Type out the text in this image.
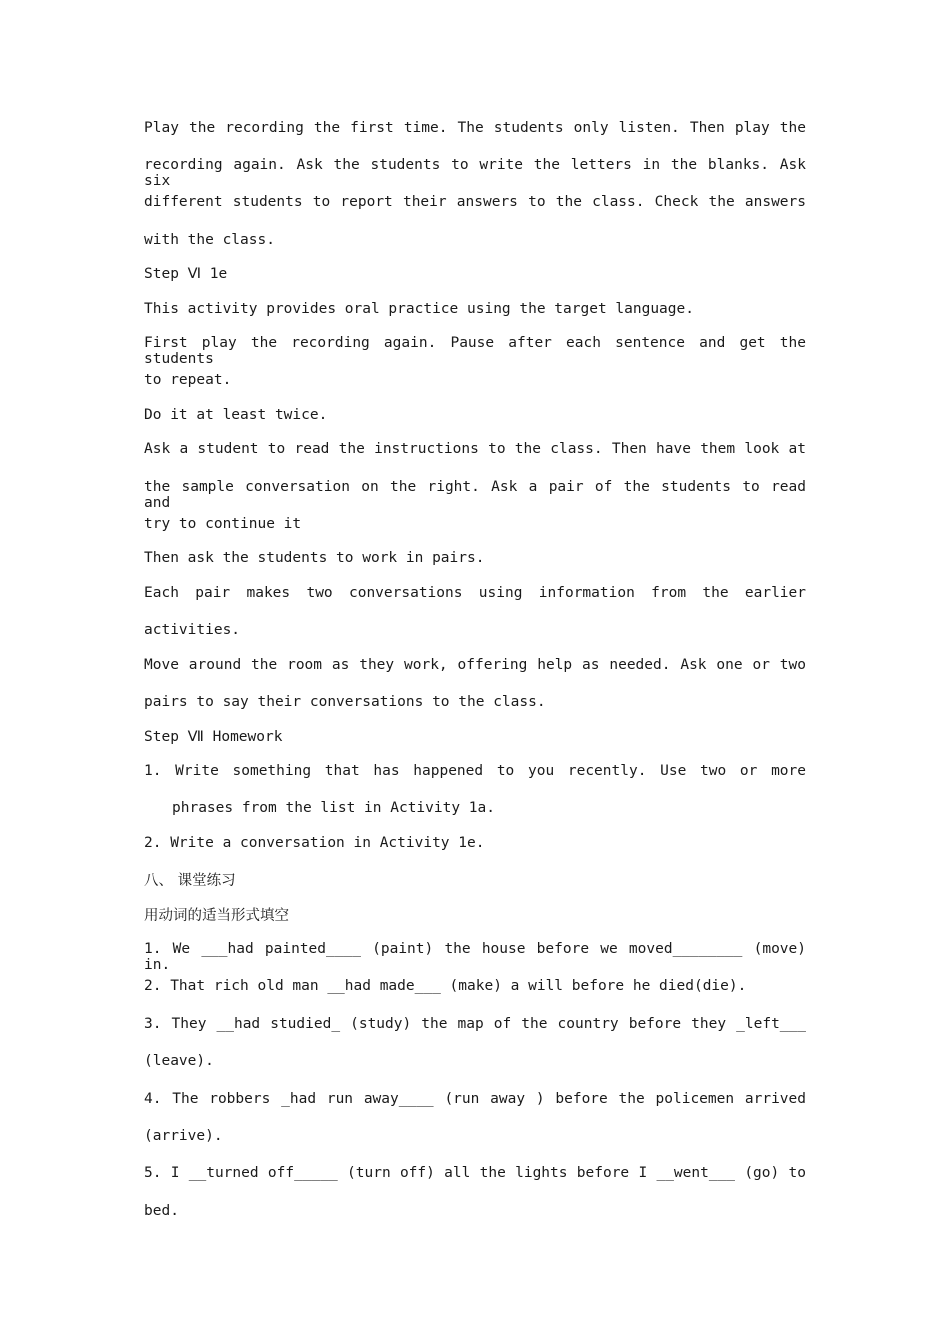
Play the recording the first time. The students only listen. Then play the
recording again. Ask the students to write the letters in the blanks. Ask six
different students to report their answers to the class. Check the answers
with the class.
Step Ⅵ 1e
This activity provides oral practice using the target language.
First play the recording again. Pause after each sentence and get the students
to repeat.
Do it at least twice.
Ask a student to read the instructions to the class. Then have them look at
the sample conversation on the right. Ask a pair of the students to read and
try to continue it
Then ask the students to work in pairs.
Each pair makes two conversations using information from the earlier
activities.
Move around the room as they work, offering help as needed. Ask one or two
pairs to say their conversations to the class.
Step Ⅶ Homework
1. Write something that has happened to you recently. Use two or more
phrases from the list in Activity 1a.
2. Write a conversation in Activity 1e.
八、 课堂练习
用动词的适当形式填空
1. We ___had painted____ (paint) the house before we moved________ (move) in.
2. That rich old man __had made___ (make) a will before he died(die).
3. They __had studied_ (study) the map of the country before they _left___
(leave).
4. The robbers _had run away____ (run away ) before the policemen arrived
(arrive).
5. I __turned off_____ (turn off) all the lights before I __went___ (go) to
bed.
